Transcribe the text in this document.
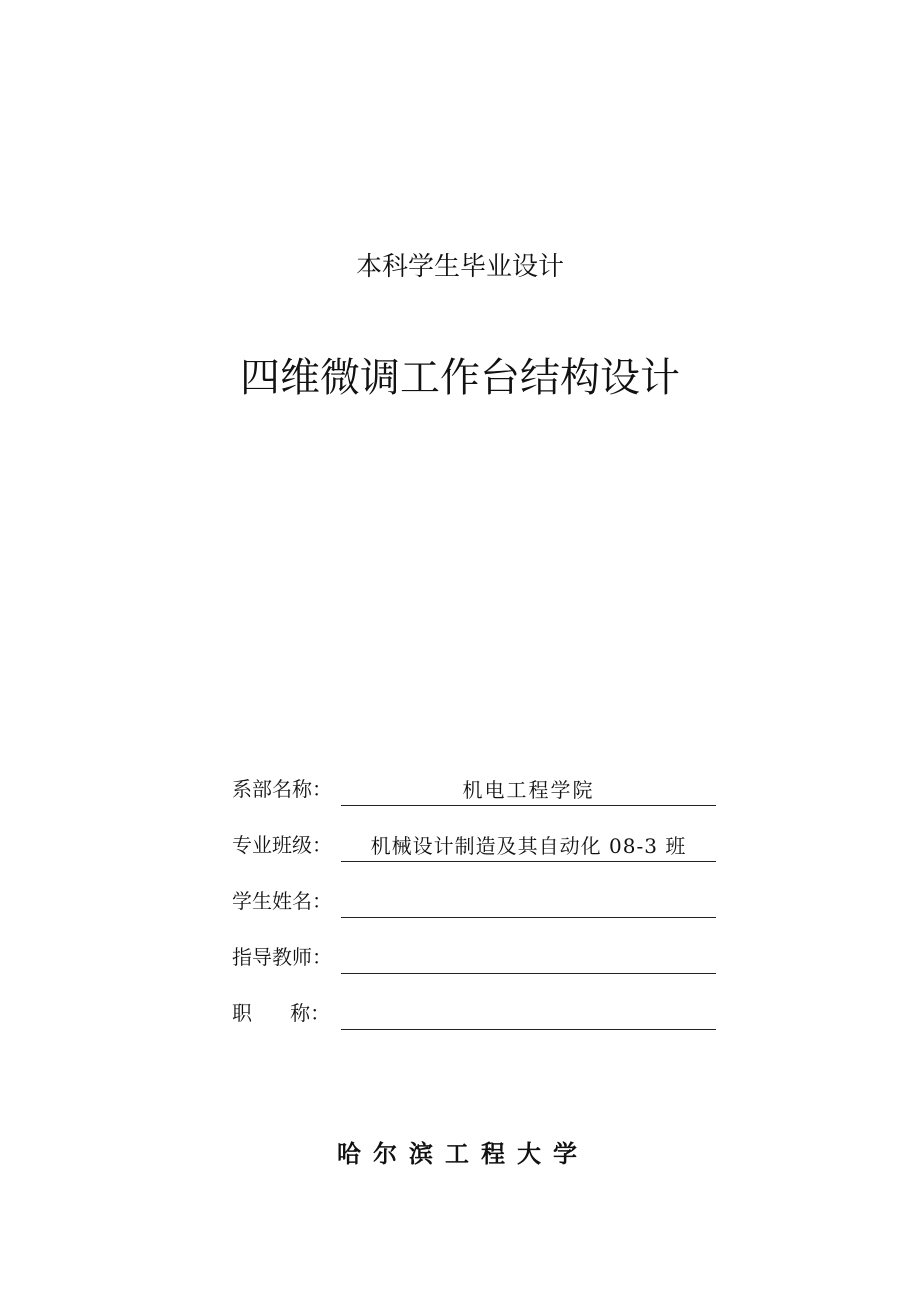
本科学生毕业设计
四维微调工作台结构设计
系部名称：	机电工程学院
专业班级：	机械设计制造及其自动化 08-3 班
学生姓名：
指导教师：
职      称：
哈尔滨工程大学
